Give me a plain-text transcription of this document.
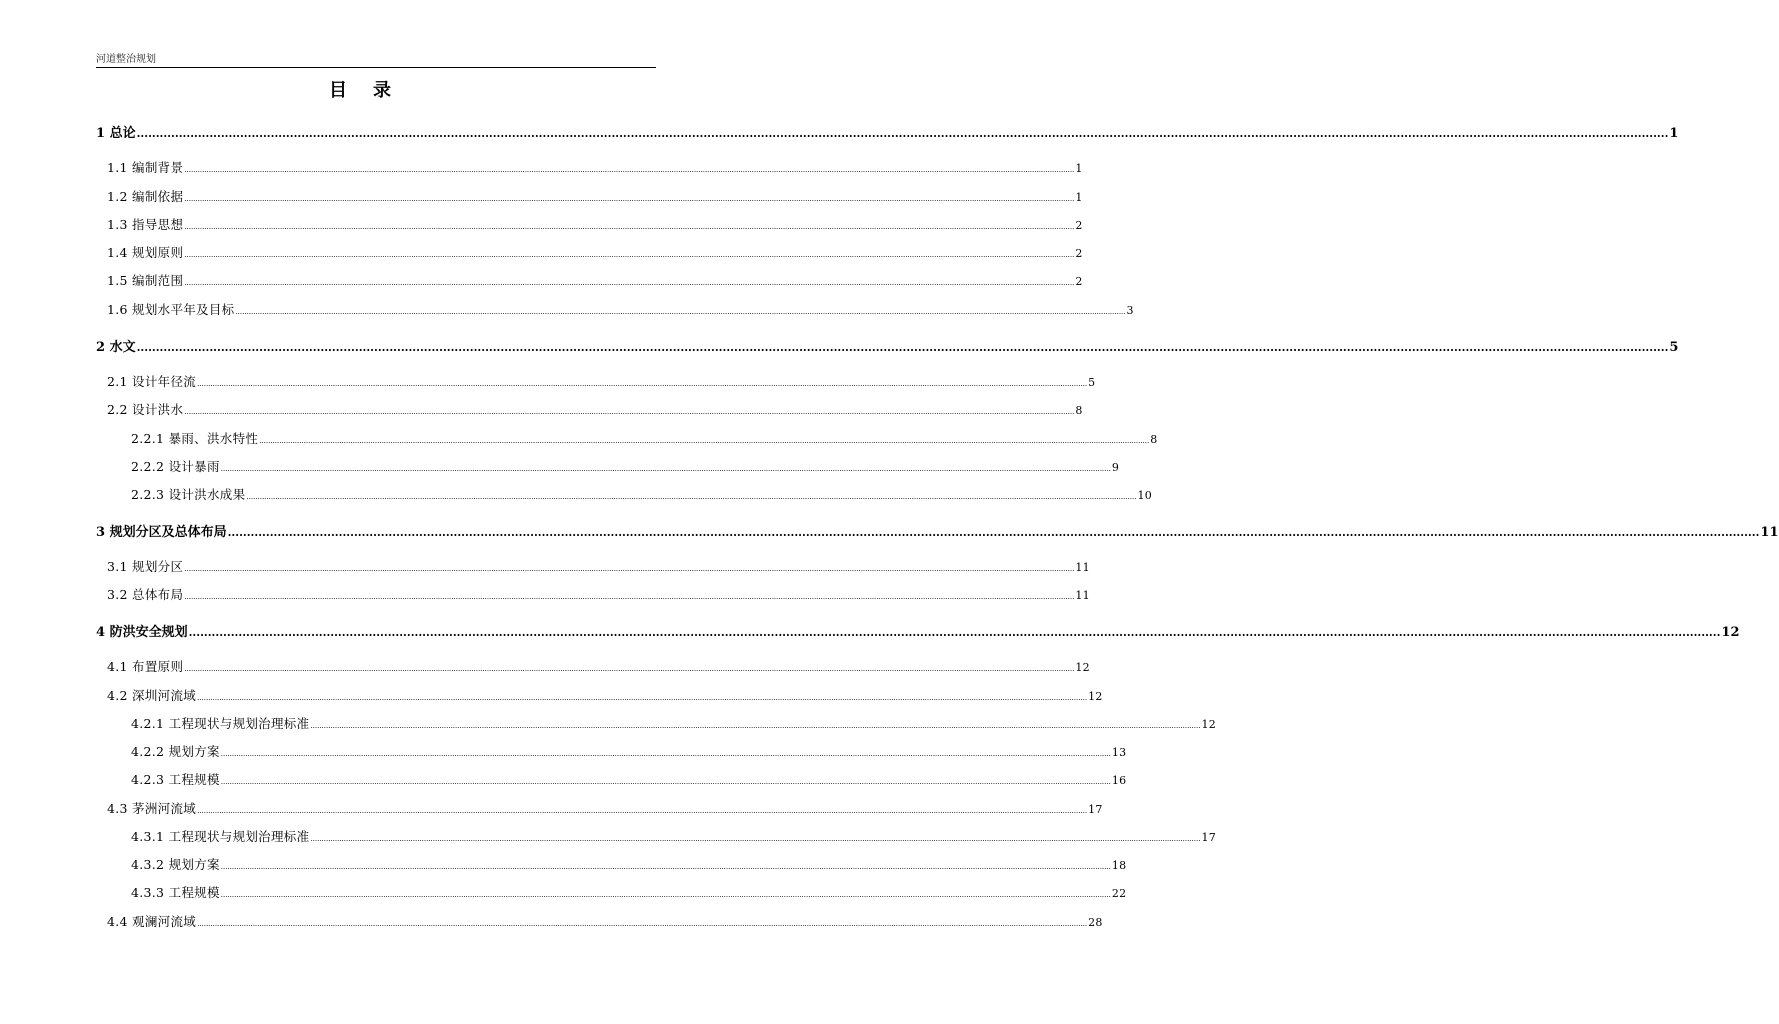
河道整治规划
目　录
1 总论 ................................................................................................................................................................................................................................................................................................................................................................................................................ 1
1.1 编制背景 ................................................................................................................................................................................................................................................................................................................................................................................................................ 1
1.2 编制依据 ................................................................................................................................................................................................................................................................................................................................................................................................................ 1
1.3 指导思想 ................................................................................................................................................................................................................................................................................................................................................................................................................ 2
1.4 规划原则 ................................................................................................................................................................................................................................................................................................................................................................................................................ 2
1.5 编制范围 ................................................................................................................................................................................................................................................................................................................................................................................................................ 2
1.6 规划水平年及目标 ................................................................................................................................................................................................................................................................................................................................................................................................................ 3
2 水文 ................................................................................................................................................................................................................................................................................................................................................................................................................ 5
2.1 设计年径流 ................................................................................................................................................................................................................................................................................................................................................................................................................ 5
2.2 设计洪水 ................................................................................................................................................................................................................................................................................................................................................................................................................ 8
2.2.1 暴雨、洪水特性 ................................................................................................................................................................................................................................................................................................................................................................................................................ 8
2.2.2 设计暴雨 ................................................................................................................................................................................................................................................................................................................................................................................................................ 9
2.2.3 设计洪水成果 ................................................................................................................................................................................................................................................................................................................................................................................................................ 10
3 规划分区及总体布局 ................................................................................................................................................................................................................................................................................................................................................................................................................ 11
3.1 规划分区 ................................................................................................................................................................................................................................................................................................................................................................................................................ 11
3.2 总体布局 ................................................................................................................................................................................................................................................................................................................................................................................................................ 11
4 防洪安全规划 ................................................................................................................................................................................................................................................................................................................................................................................................................ 12
4.1 布置原则 ................................................................................................................................................................................................................................................................................................................................................................................................................ 12
4.2 深圳河流域 ................................................................................................................................................................................................................................................................................................................................................................................................................ 12
4.2.1 工程现状与规划治理标准 ................................................................................................................................................................................................................................................................................................................................................................................................................ 12
4.2.2 规划方案 ................................................................................................................................................................................................................................................................................................................................................................................................................ 13
4.2.3 工程规模 ................................................................................................................................................................................................................................................................................................................................................................................................................ 16
4.3 茅洲河流域 ................................................................................................................................................................................................................................................................................................................................................................................................................ 17
4.3.1 工程现状与规划治理标准 ................................................................................................................................................................................................................................................................................................................................................................................................................ 17
4.3.2 规划方案 ................................................................................................................................................................................................................................................................................................................................................................................................................ 18
4.3.3 工程规模 ................................................................................................................................................................................................................................................................................................................................................................................................................ 22
4.4 观澜河流域 ................................................................................................................................................................................................................................................................................................................................................................................................................ 28
